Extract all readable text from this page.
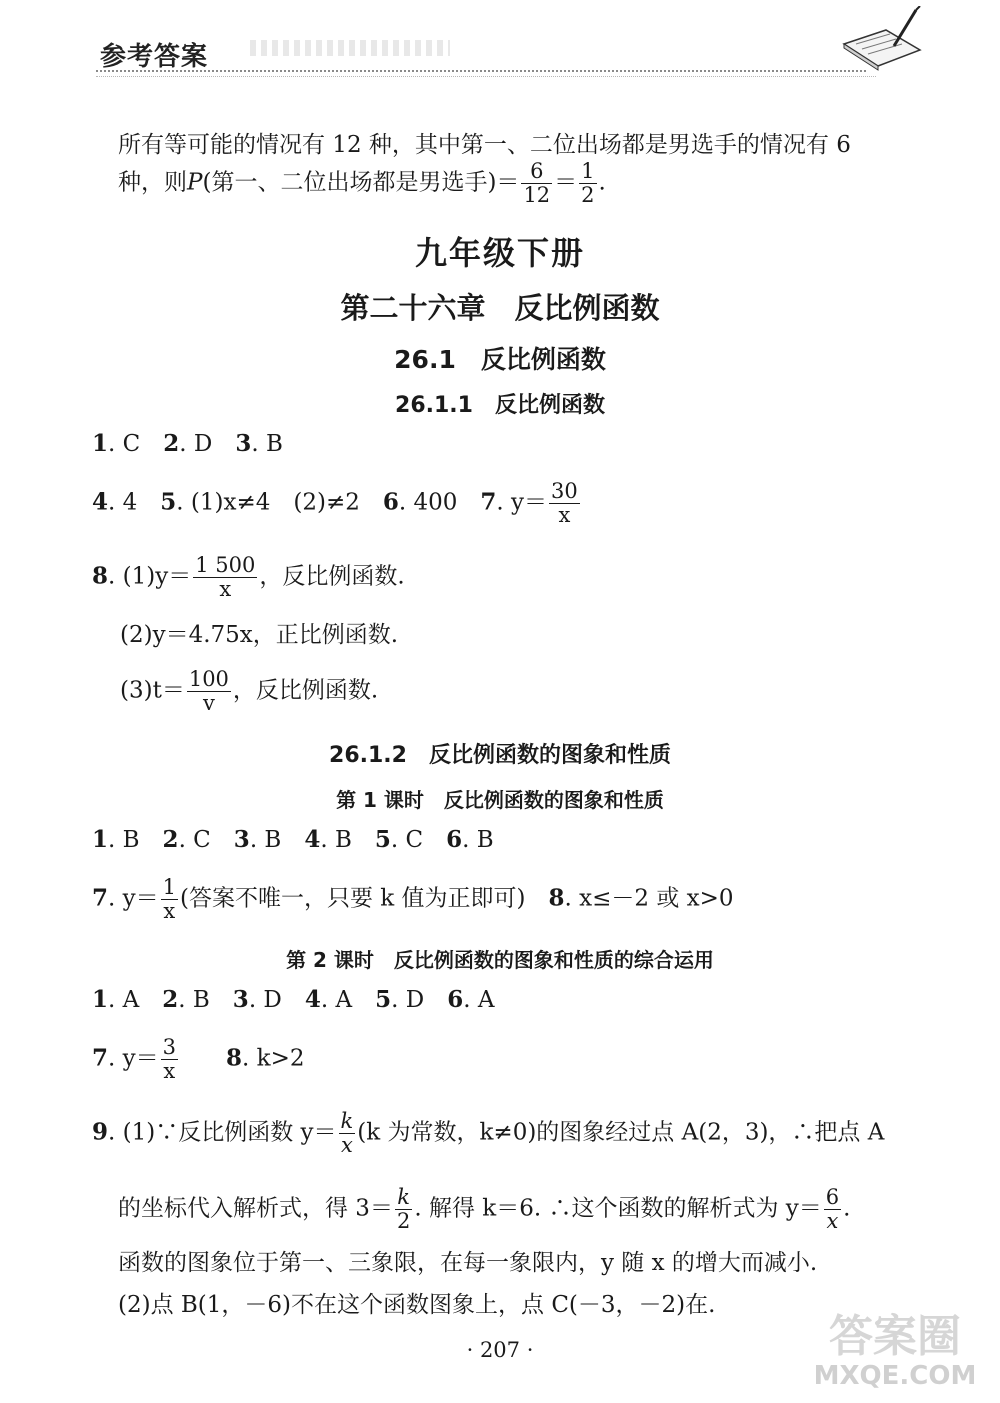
参考答案
所有等可能的情况有 12 种，其中第一、二位出场都是男选手的情况有 6
种，则P(第一、二位出场都是男选手)＝ $\frac{6}{12} = \frac{1}{2}$ .
九年级下册
第二十六章　反比例函数
26.1　反比例函数
26.1.1　反比例函数
1. C　2. D　3. B
4. 4　5. (1)x≠4　(2)≠2　6. 400　7. $y= \frac{30}{x}$
8. $(1)y= \frac{1 500}{x}$ ，反比例函数.
(2)y＝4.75x，正比例函数.
$(3)t= \frac{100}{v}$ ，反比例函数.
26.1.2　反比例函数的图象和性质
第 1 课时　反比例函数的图象和性质
1. B　2. C　3. B　4. B　5. C　6. B
7. $y= \frac{1}{x}$ (答案不唯一，只要 k 值为正即可)　8. x≤－2 或 x>0
第 2 课时　反比例函数的图象和性质的综合运用
1. A　2. B　3. D　4. A　5. D　6. A
7. $y= \frac{3}{x}$
　　 8. k>2
9. (1)∵反比例函数 $y= \frac{k}{x} (k$ 为常数，k≠0)的图象经过点 A(2，3)，∴把点 A
的坐标代入解析式，得 $3= \frac{k}{2}$ . 解得 k＝6. ∴这个函数的解析式为 $y= \frac{6}{x}$ .
函数的图象位于第一、三象限，在每一象限内，y 随 x 的增大而减小.
(2)点 B(1，－6)不在这个函数图象上，点 C(－3，－2)在.
· 207 ·	答案圈
MXQE.COM
